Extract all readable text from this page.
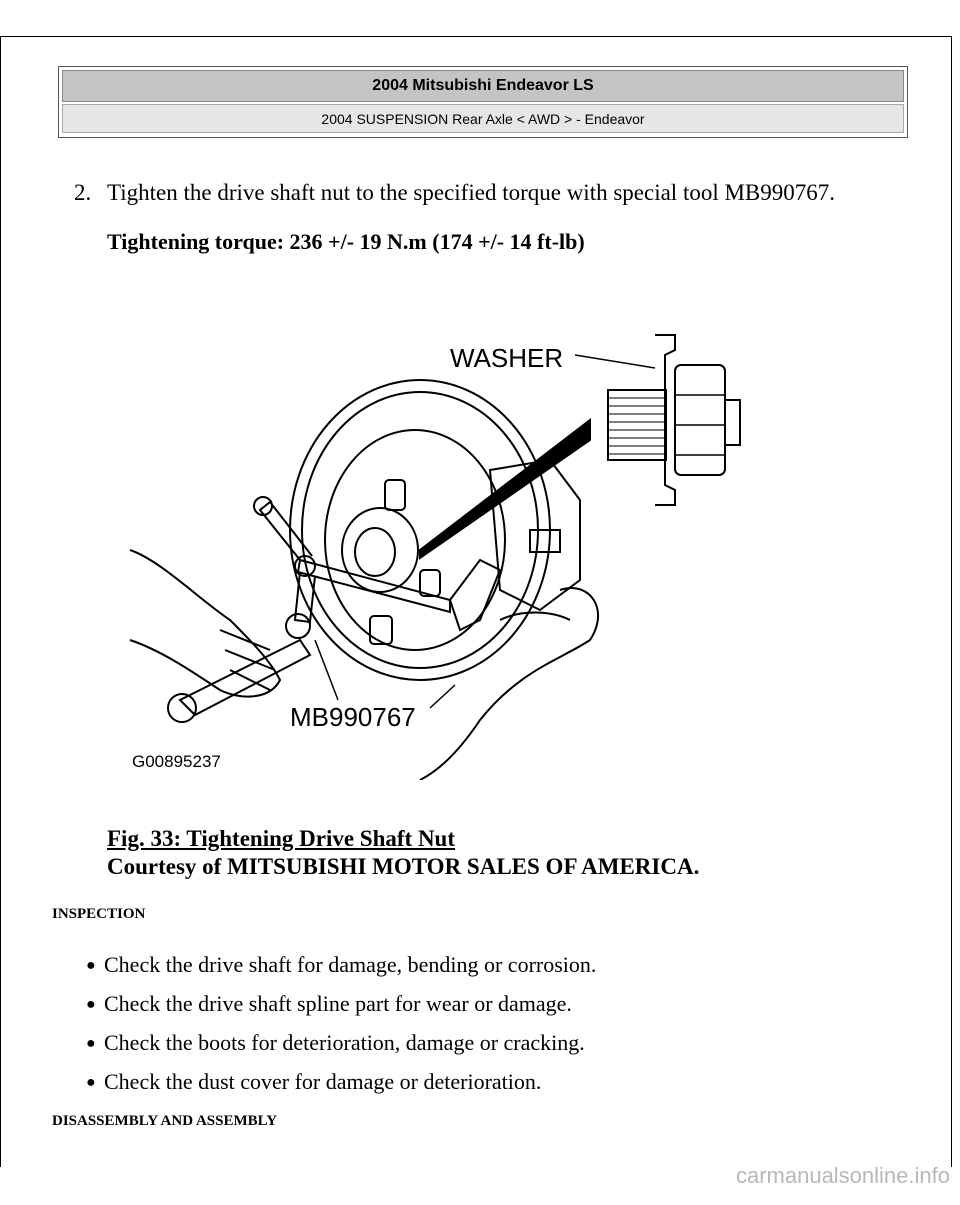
2004 Mitsubishi Endeavor LS
2004 SUSPENSION Rear Axle < AWD > - Endeavor
2. Tighten the drive shaft nut to the specified torque with special tool MB990767.
Tightening torque: 236 +/- 19 N.m (174 +/- 14 ft-lb)
WASHER
MB990767
G00895237
Fig. 33: Tightening Drive Shaft Nut
Courtesy of MITSUBISHI MOTOR SALES OF AMERICA.
INSPECTION
● Check the drive shaft for damage, bending or corrosion.
● Check the drive shaft spline part for wear or damage.
● Check the boots for deterioration, damage or cracking.
● Check the dust cover for damage or deterioration.
DISASSEMBLY AND ASSEMBLY
carmanualsonline.info
